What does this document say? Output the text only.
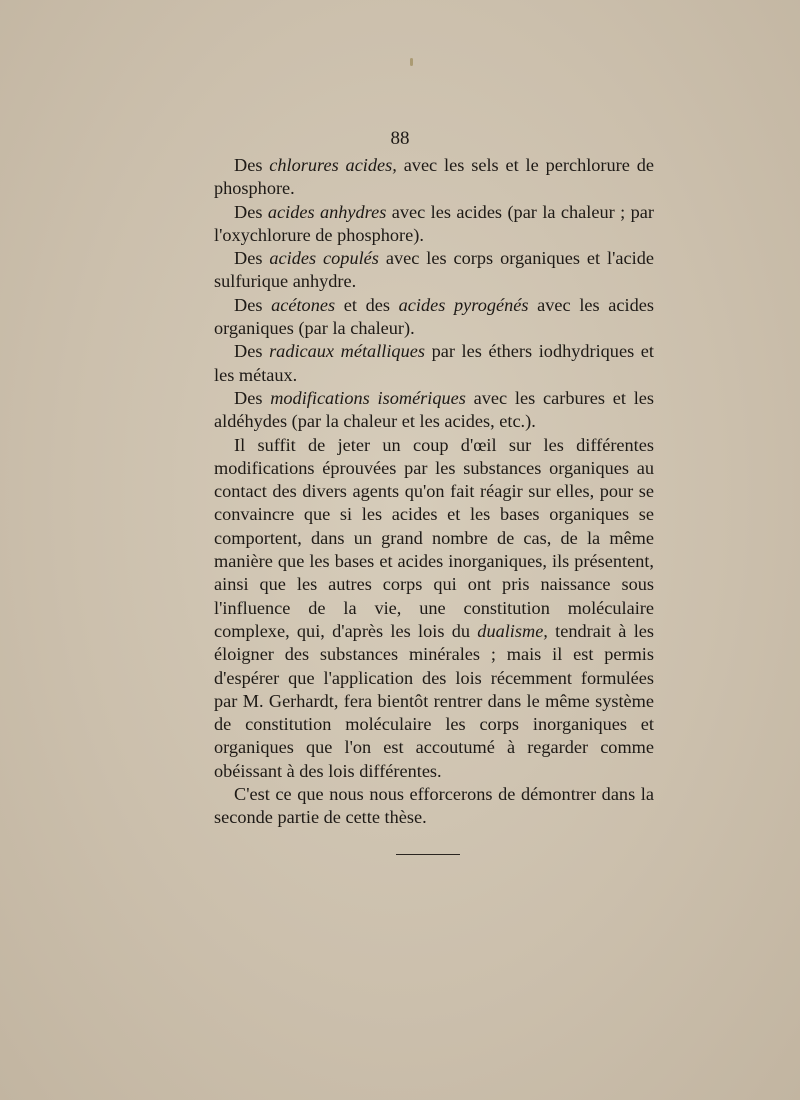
88

Des chlorures acides, avec les sels et le perchlorure de phosphore.

Des acides anhydres avec les acides (par la chaleur ; par l'oxychlorure de phosphore).

Des acides copulés avec les corps organiques et l'acide sulfurique anhydre.

Des acétones et des acides pyrogénés avec les acides organiques (par la chaleur).

Des radicaux métalliques par les éthers iodhydriques et les métaux.

Des modifications isomériques avec les carbures et les aldéhydes (par la chaleur et les acides, etc.).

Il suffit de jeter un coup d'œil sur les différentes modifications éprouvées par les substances organiques au contact des divers agents qu'on fait réagir sur elles, pour se convaincre que si les acides et les bases organiques se comportent, dans un grand nombre de cas, de la même manière que les bases et acides inorganiques, ils présentent, ainsi que les autres corps qui ont pris naissance sous l'influence de la vie, une constitution moléculaire complexe, qui, d'après les lois du dualisme, tendrait à les éloigner des substances minérales ; mais il est permis d'espérer que l'application des lois récemment formulées par M. Gerhardt, fera bientôt rentrer dans le même système de constitution moléculaire les corps inorganiques et organiques que l'on est accoutumé à regarder comme obéissant à des lois différentes.

C'est ce que nous nous efforcerons de démontrer dans la seconde partie de cette thèse.
